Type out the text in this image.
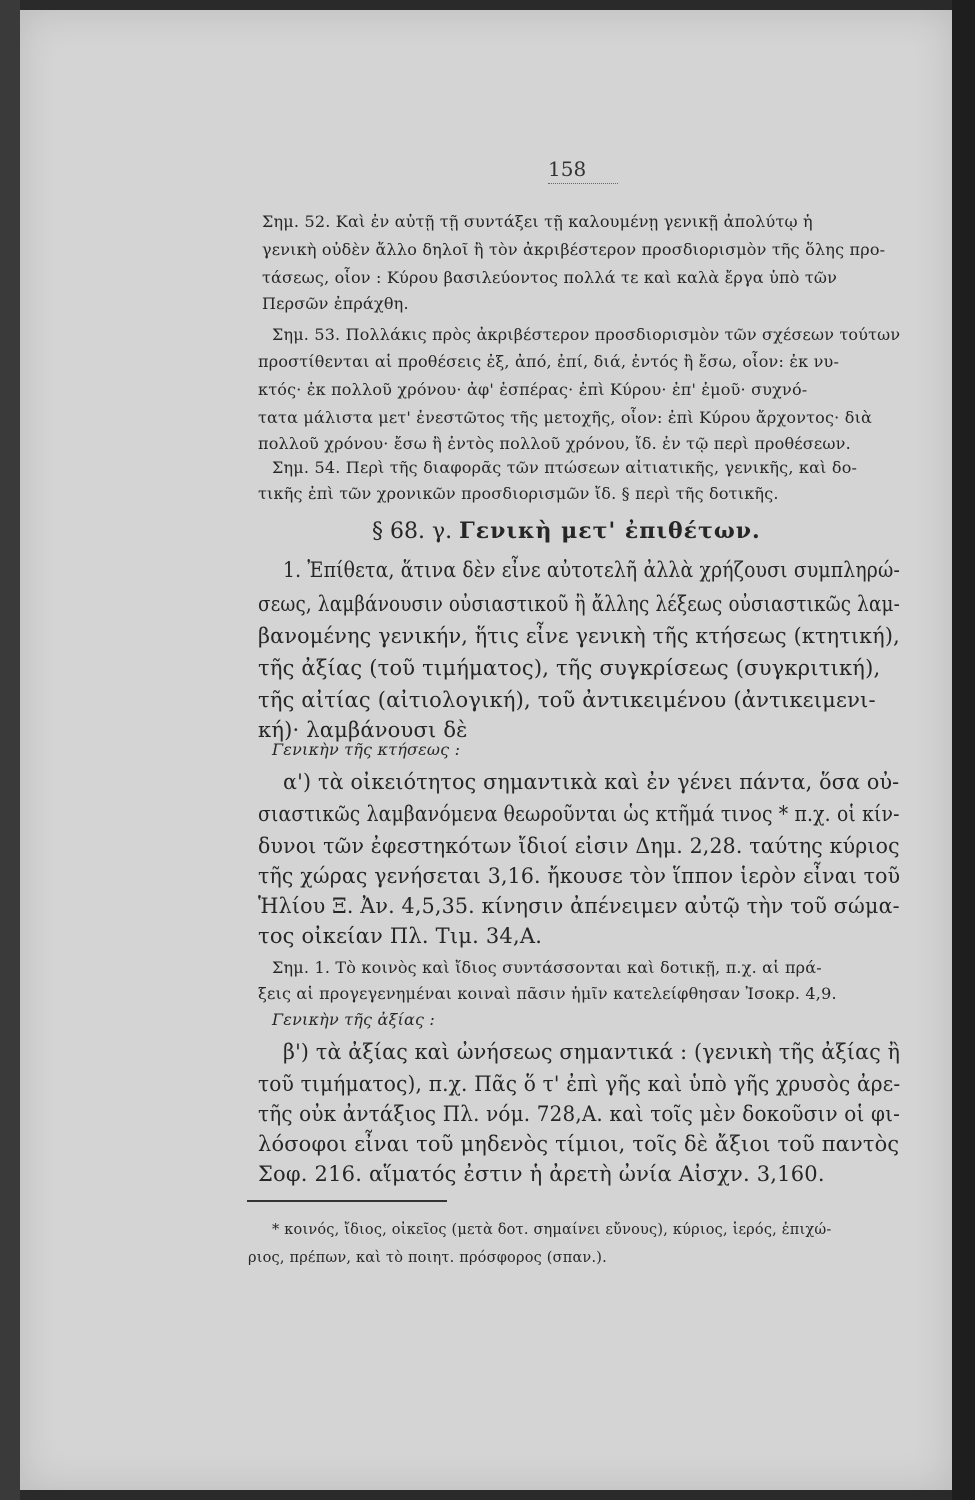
158
Σημ. 52. Καὶ ἐν αὐτῇ τῇ συντάξει τῇ καλουμένῃ γενικῇ ἀπολύτῳ ἡ
γενικὴ οὐδὲν ἄλλο δηλοῖ ἢ τὸν ἀκριβέστερον προσδιορισμὸν τῆς ὅλης προ-
τάσεως, οἷον : Κύρου βασιλεύοντος πολλά τε καὶ καλὰ ἔργα ὑπὸ τῶν
Περσῶν ἐπράχθη.
Σημ. 53. Πολλάκις πρὸς ἀκριβέστερον προσδιορισμὸν τῶν σχέσεων τούτων
προστίθενται αἱ προθέσεις ἐξ, ἀπό, ἐπί, διά, ἐντός ἢ ἔσω, οἷον: ἐκ νυ-
κτός· ἐκ πολλοῦ χρόνου· ἀφ' ἑσπέρας· ἐπὶ Κύρου· ἐπ' ἐμοῦ· συχνό-
τατα μάλιστα μετ' ἐνεστῶτος τῆς μετοχῆς, οἷον: ἐπὶ Κύρου ἄρχοντος· διὰ
πολλοῦ χρόνου· ἔσω ἢ ἐντὸς πολλοῦ χρόνου, ἴδ. ἐν τῷ περὶ προθέσεων.
Σημ. 54. Περὶ τῆς διαφορᾶς τῶν πτώσεων αἰτιατικῆς, γενικῆς, καὶ δο-
τικῆς ἐπὶ τῶν χρονικῶν προσδιορισμῶν ἴδ. § περὶ τῆς δοτικῆς.
§ 68. γ. Γενικὴ μετ' ἐπιθέτων.
1. Ἐπίθετα, ἅτινα δὲν εἶνε αὐτοτελῆ ἀλλὰ χρήζουσι συμπληρώ-
σεως, λαμβάνουσιν οὐσιαστικοῦ ἢ ἄλλης λέξεως οὐσιαστικῶς λαμ-
βανομένης γενικήν, ἥτις εἶνε γενικὴ τῆς κτήσεως (κτητική),
τῆς ἀξίας (τοῦ τιμήματος), τῆς συγκρίσεως (συγκριτική),
τῆς αἰτίας (αἰτιολογική), τοῦ ἀντικειμένου (ἀντικειμενι-
κή)· λαμβάνουσι δὲ
Γενικὴν τῆς κτήσεως :
α') τὰ οἰκειότητος σημαντικὰ καὶ ἐν γένει πάντα, ὅσα οὐ-
σιαστικῶς λαμβανόμενα θεωροῦνται ὡς κτῆμά τινος * π.χ. οἱ κίν-
δυνοι τῶν ἐφεστηκότων ἴδιοί εἰσιν Δημ. 2,28. ταύτης κύριος
τῆς χώρας γενήσεται 3,16. ἤκουσε τὸν ἵππον ἱερὸν εἶναι τοῦ
Ἡλίου Ξ. Ἀν. 4,5,35. κίνησιν ἀπένειμεν αὐτῷ τὴν τοῦ σώμα-
τος οἰκείαν Πλ. Τιμ. 34,Α.
Σημ. 1. Τὸ κοινὸς καὶ ἴδιος συντάσσονται καὶ δοτικῇ, π.χ. αἱ πρά-
ξεις αἱ προγεγενημέναι κοιναὶ πᾶσιν ἡμῖν κατελείφθησαν Ἰσοκρ. 4,9.
Γενικὴν τῆς ἀξίας :
β') τὰ ἀξίας καὶ ὠνήσεως σημαντικά : (γενικὴ τῆς ἀξίας ἢ
τοῦ τιμήματος), π.χ. Πᾶς ὅ τ' ἐπὶ γῆς καὶ ὑπὸ γῆς χρυσὸς ἀρε-
τῆς οὐκ ἀντάξιος Πλ. νόμ. 728,Α. καὶ τοῖς μὲν δοκοῦσιν οἱ φι-
λόσοφοι εἶναι τοῦ μηδενὸς τίμιοι, τοῖς δὲ ἄξιοι τοῦ παντὸς
Σοφ. 216. αἵματός ἐστιν ἡ ἀρετὴ ὠνία Αἰσχν. 3,160.
* κοινός, ἴδιος, οἰκεῖος (μετὰ δοτ. σημαίνει εὔνους), κύριος, ἱερός, ἐπιχώ-
ριος, πρέπων, καὶ τὸ ποιητ. πρόσφορος (σπαν.).
